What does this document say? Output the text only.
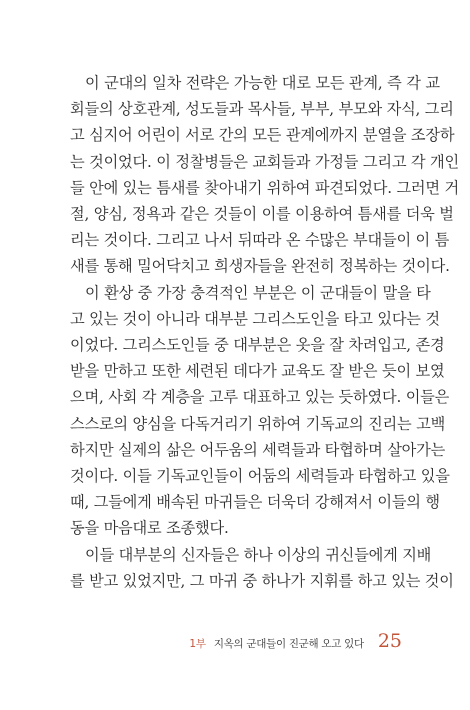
이 군대의 일차 전략은 가능한 대로 모든 관계, 즉 각 교

회들의 상호관계, 성도들과 목사들, 부부, 부모와 자식, 그리

고 심지어 어린이 서로 간의 모든 관계에까지 분열을 조장하

는 것이었다. 이 정찰병들은 교회들과 가정들 그리고 각 개인

들 안에 있는 틈새를 찾아내기 위하여 파견되었다. 그러면 거

절, 양심, 정욕과 같은 것들이 이를 이용하여 틈새를 더욱 벌

리는 것이다. 그리고 나서 뒤따라 온 수많은 부대들이 이 틈

새를 통해 밀어닥치고 희생자들을 완전히 정복하는 것이다.

이 환상 중 가장 충격적인 부분은 이 군대들이 말을 타

고 있는 것이 아니라 대부분 그리스도인을 타고 있다는 것

이었다. 그리스도인들 중 대부분은 옷을 잘 차려입고, 존경

받을 만하고 또한 세련된 데다가 교육도 잘 받은 듯이 보였

으며, 사회 각 계층을 고루 대표하고 있는 듯하였다. 이들은

스스로의 양심을 다독거리기 위하여 기독교의 진리는 고백

하지만 실제의 삶은 어두움의 세력들과 타협하며 살아가는

것이다. 이들 기독교인들이 어둠의 세력들과 타협하고 있을

때, 그들에게 배속된 마귀들은 더욱더 강해져서 이들의 행

동을 마음대로 조종했다.

이들 대부분의 신자들은 하나 이상의 귀신들에게 지배

를 받고 있었지만, 그 마귀 중 하나가 지휘를 하고 있는 것이

1부 지옥의 군대들이 진군해 오고 있다 25
